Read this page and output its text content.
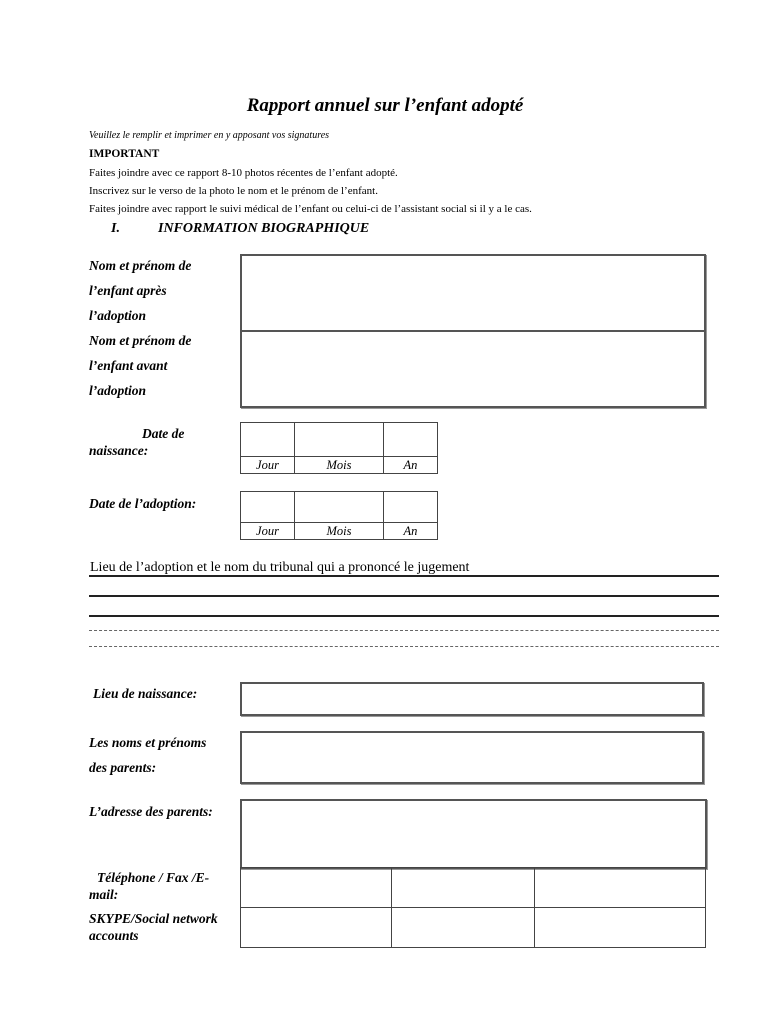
Rapport annuel sur l’enfant adopté
Veuillez le remplir et imprimer en y apposant vos signatures
IMPORTANT
Faites joindre avec ce rapport 8-10 photos récentes de l’enfant adopté.
Inscrivez sur le verso de la photo le nom et le prénom de l’enfant.
Faites joindre avec rapport le suivi médical de l’enfant ou celui-ci de l’assistant social si il y a le cas.
I.	INFORMATION BIOGRAPHIQUE
Nom et prénom de
l’enfant après
l’adoption
Nom et prénom de
l’enfant avant
l’adoption
Date de
naissance:

Jour	Mois	An
Date de l’adoption:

Jour	Mois	An
Lieu de l’adoption et le nom du tribunal qui a prononcé le jugement
Lieu de naissance:
Les noms et prénoms
des parents:
L’adresse des parents:
Téléphone / Fax /E-
mail:
SKYPE/Social network
accounts
